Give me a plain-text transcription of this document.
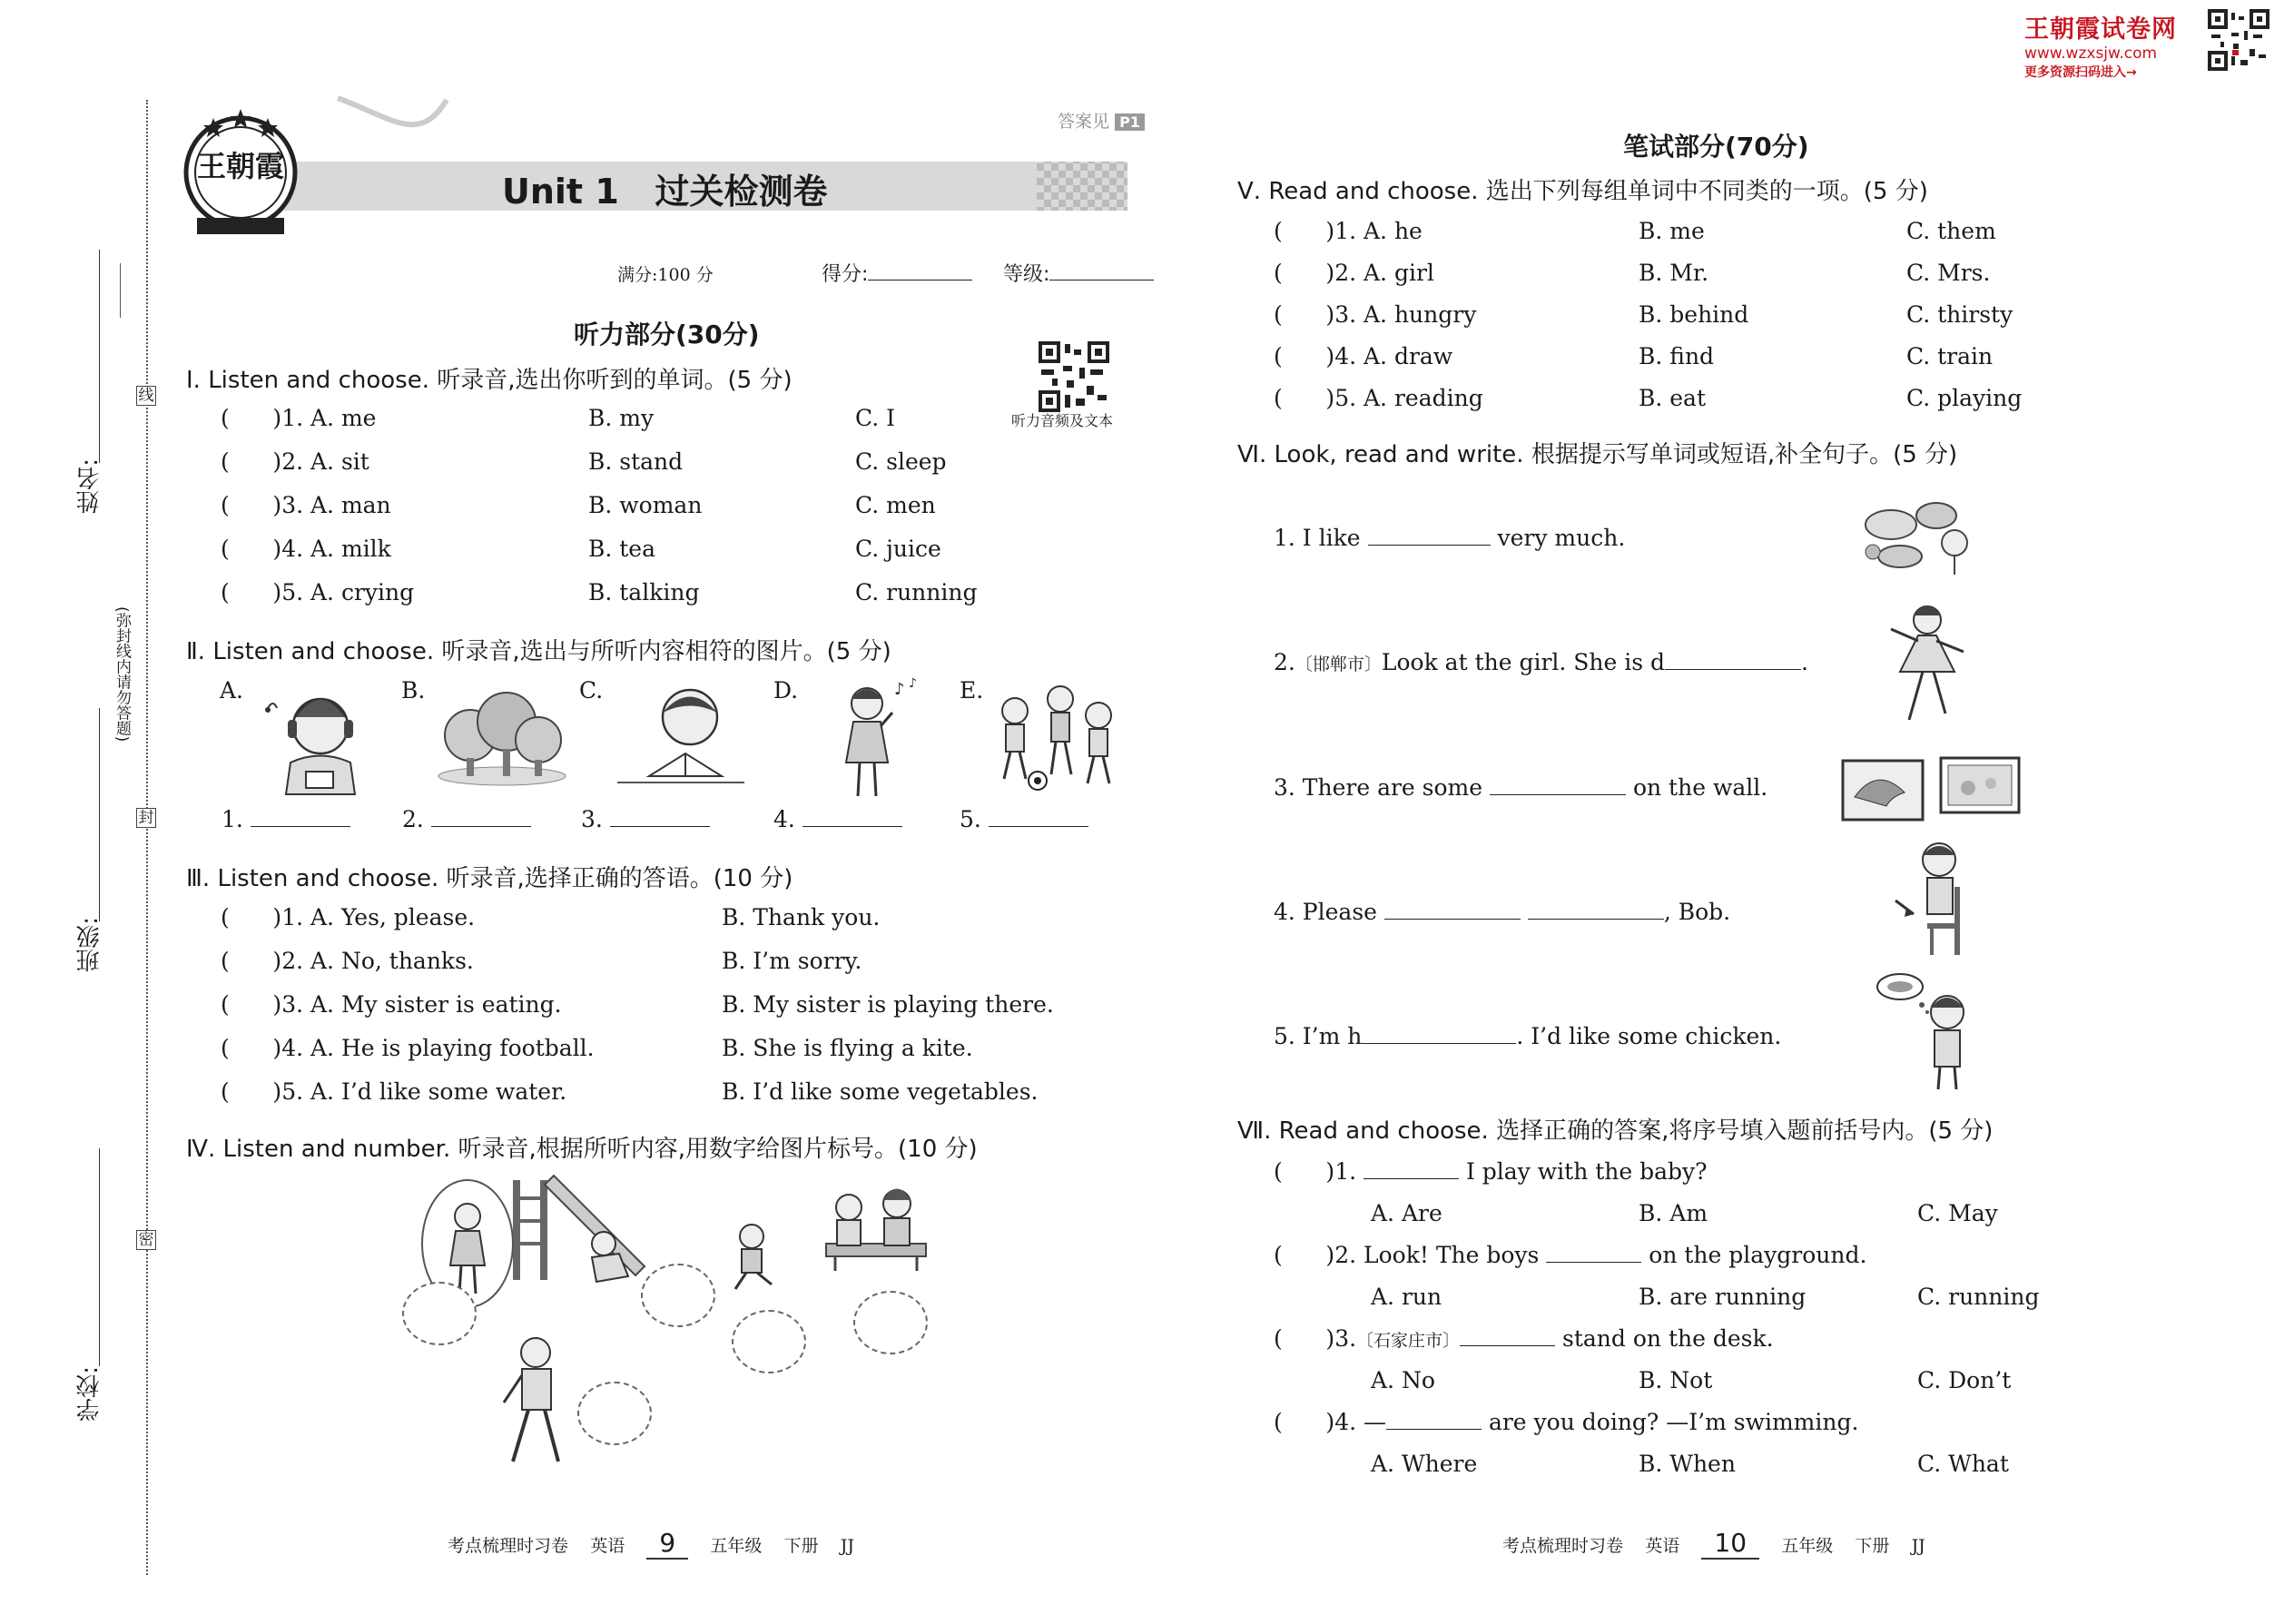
王朝霞试卷网
www.wzxsjw.com
更多资源扫码进入→
线
封
密
姓名:
班级:
学校:
(弥封线内请勿答题)
王朝霞
答案见 P1
Unit 1   过关检测卷
满分:100 分	得分:	等级:
听力部分(30分)
听力音频及文本
Ⅰ. Listen and choose. 听录音,选出你听到的单词。(5 分)
(      )1. A. me	B. my	C. I
(      )2. A. sit	B. stand	C. sleep
(      )3. A. man	B. woman	C. men
(      )4. A. milk	B. tea	C. juice
(      )5. A. crying	B. talking	C. running
Ⅱ. Listen and choose. 听录音,选出与所听内容相符的图片。(5 分)
A.	B.	C.	D.	E.
♪ ♪
1.	2.	3.	4.	5.
Ⅲ. Listen and choose. 听录音,选择正确的答语。(10 分)
(      )1. A. Yes, please.	B. Thank you.
(      )2. A. No, thanks.	B. I’m sorry.
(      )3. A. My sister is eating.	B. My sister is playing there.
(      )4. A. He is playing football.	B. She is flying a kite.
(      )5. A. I’d like some water.	B. I’d like some vegetables.
Ⅳ. Listen and number. 听录音,根据所听内容,用数字给图片标号。(10 分)
考点梳理时习卷 英语 9 五年级 下册 JJ
笔试部分(70分)
Ⅴ. Read and choose. 选出下列每组单词中不同类的一项。(5 分)
(      )1. A. he	B. me	C. them
(      )2. A. girl	B. Mr.	C. Mrs.
(      )3. A. hungry	B. behind	C. thirsty
(      )4. A. draw	B. find	C. train
(      )5. A. reading	B. eat	C. playing
Ⅵ. Look, read and write. 根据提示写单词或短语,补全句子。(5 分)
1. I like	very much.
2.〔邯郸市〕Look at the girl. She is d	.
3. There are some	on the wall.
4. Please	, Bob.
5. I’m h	. I’d like some chicken.
Ⅶ. Read and choose. 选择正确的答案,将序号填入题前括号内。(5 分)
(      )1.	I play with the baby?
A. Are	B. Am	C. May
(      )2. Look! The boys	on the playground.
A. run	B. are running	C. running
(      )3.〔石家庄市〕	stand on the desk.
A. No	B. Not	C. Don’t
(      )4. —	are you doing? —I’m swimming.
A. Where	B. When	C. What
考点梳理时习卷 英语 10 五年级 下册 JJ
